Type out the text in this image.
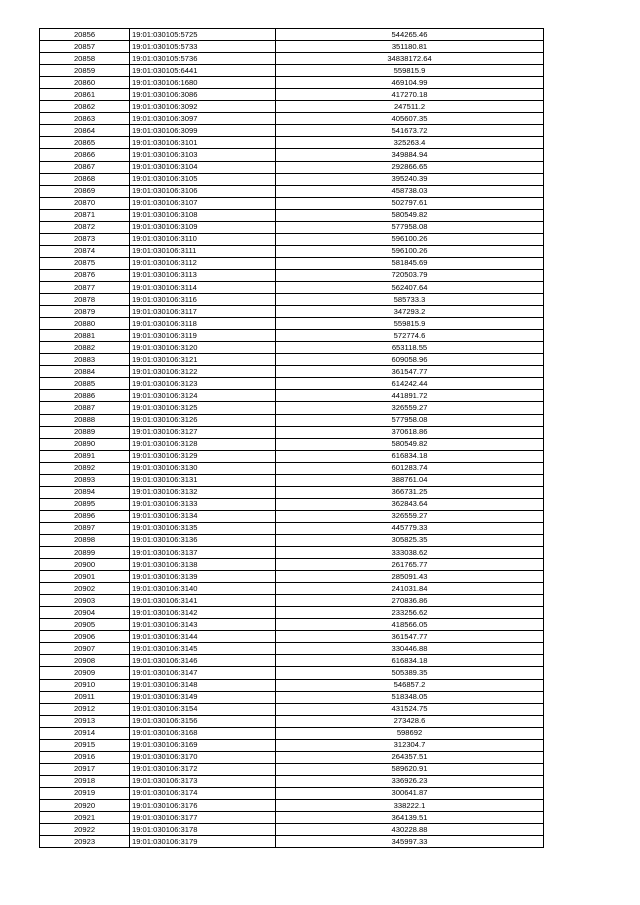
20856	19:01:030105:5725	544265.46
20857	19:01:030105:5733	351180.81
20858	19:01:030105:5736	34838172.64
20859	19:01:030105:6441	559815.9
20860	19:01:030106:1680	469104.99
20861	19:01:030106:3086	417270.18
20862	19:01:030106:3092	247511.2
20863	19:01:030106:3097	405607.35
20864	19:01:030106:3099	541673.72
20865	19:01:030106:3101	325263.4
20866	19:01:030106:3103	349884.94
20867	19:01:030106:3104	292866.65
20868	19:01:030106:3105	395240.39
20869	19:01:030106:3106	458738.03
20870	19:01:030106:3107	502797.61
20871	19:01:030106:3108	580549.82
20872	19:01:030106:3109	577958.08
20873	19:01:030106:3110	596100.26
20874	19:01:030106:3111	596100.26
20875	19:01:030106:3112	581845.69
20876	19:01:030106:3113	720503.79
20877	19:01:030106:3114	562407.64
20878	19:01:030106:3116	585733.3
20879	19:01:030106:3117	347293.2
20880	19:01:030106:3118	559815.9
20881	19:01:030106:3119	572774.6
20882	19:01:030106:3120	653118.55
20883	19:01:030106:3121	609058.96
20884	19:01:030106:3122	361547.77
20885	19:01:030106:3123	614242.44
20886	19:01:030106:3124	441891.72
20887	19:01:030106:3125	326559.27
20888	19:01:030106:3126	577958.08
20889	19:01:030106:3127	370618.86
20890	19:01:030106:3128	580549.82
20891	19:01:030106:3129	616834.18
20892	19:01:030106:3130	601283.74
20893	19:01:030106:3131	388761.04
20894	19:01:030106:3132	366731.25
20895	19:01:030106:3133	362843.64
20896	19:01:030106:3134	326559.27
20897	19:01:030106:3135	445779.33
20898	19:01:030106:3136	305825.35
20899	19:01:030106:3137	333038.62
20900	19:01:030106:3138	261765.77
20901	19:01:030106:3139	285091.43
20902	19:01:030106:3140	241031.84
20903	19:01:030106:3141	270836.86
20904	19:01:030106:3142	233256.62
20905	19:01:030106:3143	418566.05
20906	19:01:030106:3144	361547.77
20907	19:01:030106:3145	330446.88
20908	19:01:030106:3146	616834.18
20909	19:01:030106:3147	505389.35
20910	19:01:030106:3148	546857.2
20911	19:01:030106:3149	518348.05
20912	19:01:030106:3154	431524.75
20913	19:01:030106:3156	273428.6
20914	19:01:030106:3168	598692
20915	19:01:030106:3169	312304.7
20916	19:01:030106:3170	264357.51
20917	19:01:030106:3172	589620.91
20918	19:01:030106:3173	336926.23
20919	19:01:030106:3174	300641.87
20920	19:01:030106:3176	338222.1
20921	19:01:030106:3177	364139.51
20922	19:01:030106:3178	430228.88
20923	19:01:030106:3179	345997.33
